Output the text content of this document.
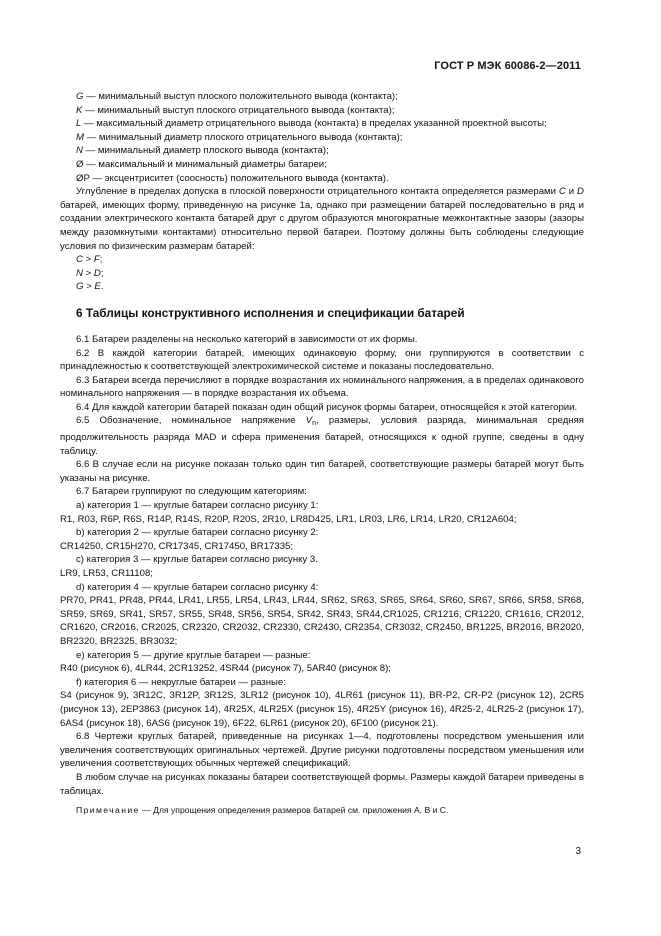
ГОСТ Р МЭК 60086-2—2011

G — минимальный выступ плоского положительного вывода (контакта);

K — минимальный выступ плоского отрицательного вывода (контакта);

L — максимальный диаметр отрицательного вывода (контакта) в пределах указанной проектной высоты;

M — минимальный диаметр плоского отрицательного вывода (контакта);

N — минимальный диаметр плоского вывода (контакта);

Ø — максимальный и минимальный диаметры батареи;

ØP — эксцентриситет (соосность) положительного вывода (контакта).

Углубление в пределах допуска в плоской поверхности отрицательного контакта определяется размерами C и D батарей, имеющих форму, приведенную на рисунке 1а, однако при размещении батарей последовательно в ряд и создании электрического контакта батарей друг с другом образуются многократные межконтактные зазоры (зазоры между разомкнутыми контактами) относительно первой батареи. Поэтому должны быть соблюдены следующие условия по физическим размерам батарей:

C > F;

N > D;

G > E.

6 Таблицы конструктивного исполнения и спецификации батарей

6.1 Батареи разделены на несколько категорий в зависимости от их формы.

6.2 В каждой категории батарей, имеющих одинаковую форму, они группируются в соответствии с принадлежностью к соответствующей электрохимической системе и показаны последовательно.

6.3 Батареи всегда перечисляют в порядке возрастания их номинального напряжения, а в пределах одинакового номинального напряжения — в порядке возрастания их объема.

6.4 Для каждой категории батарей показан один общий рисунок формы батареи, относящейся к этой категории.

6.5 Обозначение, номинальное напряжение $V_n$, размеры, условия разряда, минимальная средняя продолжительность разряда MAD и сфера применения батарей, относящихся к одной группе, сведены в одну таблицу.

6.6 В случае если на рисунке показан только один тип батарей, соответствующие размеры батарей могут быть указаны на рисунке.

6.7 Батареи группируют по следующим категориям:

a) категория 1 — круглые батареи согласно рисунку 1:

R1, R03, R6P, R6S, R14P, R14S, R20P, R20S, 2R10, LR8D425, LR1, LR03, LR6, LR14, LR20, CR12A604;

b) категория 2 — круглые батареи согласно рисунку 2:

CR14250, CR15H270, CR17345, CR17450, BR17335;

c) категория 3 — круглые батареи согласно рисунку 3.

LR9, LR53, CR11108;

d) категория 4 — круглые батареи согласно рисунку 4:

PR70, PR41, PR48, PR44, LR41, LR55, LR54, LR43, LR44, SR62, SR63, SR65, SR64, SR60, SR67, SR66, SR58, SR68, SR59, SR69, SR41, SR57, SR55, SR48, SR56, SR54, SR42, SR43, SR44,CR1025, CR1216, CR1220, CR1616, CR2012, CR1620, CR2016, CR2025, CR2320, CR2032, CR2330, CR2430, CR2354, CR3032, CR2450, BR1225, BR2016, BR2020, BR2320, BR2325, BR3032;

e) категория 5 — другие круглые батареи — разные:

R40 (рисунок 6), 4LR44, 2CR13252, 4SR44 (рисунок 7), 5AR40 (рисунок 8);

f) категория 6 — некруглые батареи — разные:

S4 (рисунок 9), 3R12C, 3R12P, 3R12S, 3LR12 (рисунок 10), 4LR61 (рисунок 11), BR-P2, CR-P2 (рисунок 12), 2CR5 (рисунок 13), 2EP3863 (рисунок 14), 4R25X, 4LR25X (рисунок 15), 4R25Y (рисунок 16), 4R25-2, 4LR25-2 (рисунок 17), 6AS4 (рисунок 18), 6AS6 (рисунок 19), 6F22, 6LR61 (рисунок 20), 6F100 (рисунок 21).

6.8 Чертежи круглых батарей, приведенные на рисунках 1—4, подготовлены посредством уменьшения или увеличения соответствующих оригинальных чертежей. Другие рисунки подготовлены посредством уменьшения или увеличения соответствующих обычных чертежей спецификаций.

В любом случае на рисунках показаны батареи соответствующей формы. Размеры каждой батареи приведены в таблицах.

Примечание — Для упрощения определения размеров батарей см. приложения А, В и С.

3
